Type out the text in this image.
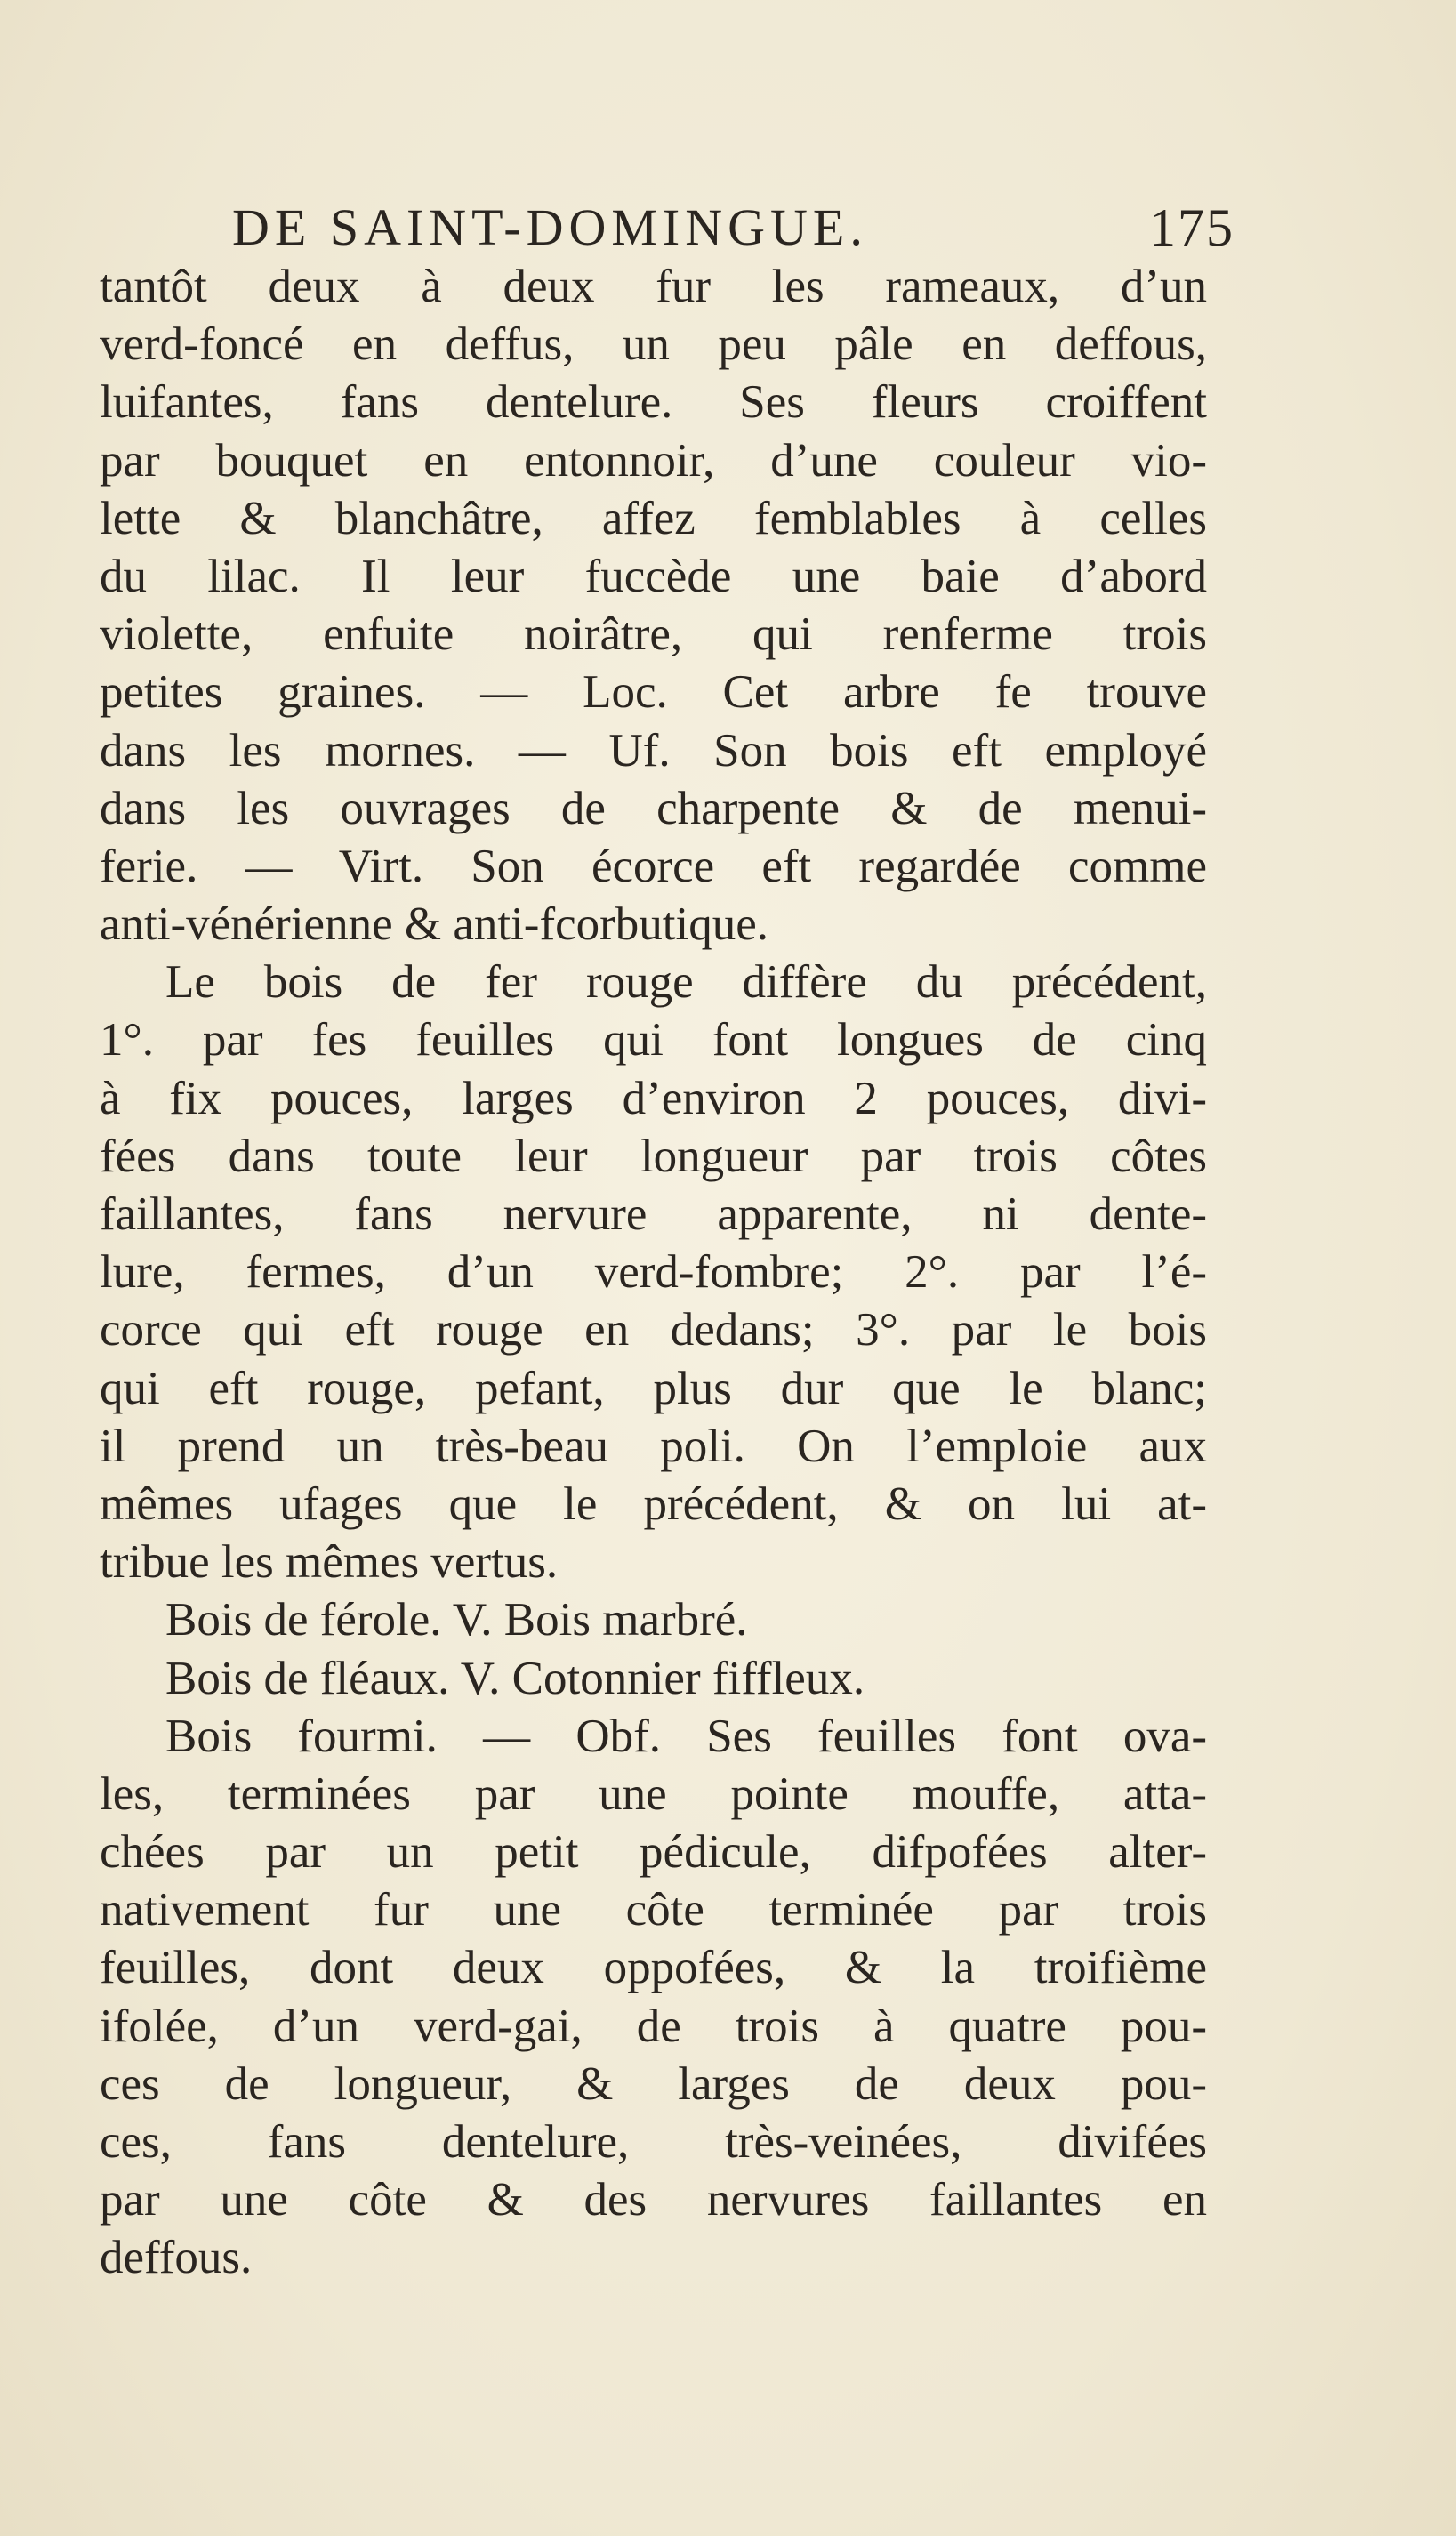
DE SAINT-DOMINGUE.	175
tantôt deux à deux fur les rameaux, d’un
verd-foncé en deffus, un peu pâle en deffous,
luifantes, fans dentelure. Ses fleurs croiffent
par bouquet en entonnoir, d’une couleur vio-
lette & blanchâtre, affez femblables à celles
du lilac. Il leur fuccède une baie d’abord
violette, enfuite noirâtre, qui renferme trois
petites graines. — Loc. Cet arbre fe trouve
dans les mornes. — Uf. Son bois eft employé
dans les ouvrages de charpente & de menui-
ferie. — Virt. Son écorce eft regardée comme
anti-vénérienne & anti-fcorbutique.
Le bois de fer rouge diffère du précédent,
1°. par fes feuilles qui font longues de cinq
à fix pouces, larges d’environ 2 pouces, divi-
fées dans toute leur longueur par trois côtes
faillantes, fans nervure apparente, ni dente-
lure, fermes, d’un verd-fombre; 2°. par l’é-
corce qui eft rouge en dedans; 3°. par le bois
qui eft rouge, pefant, plus dur que le blanc;
il prend un très-beau poli. On l’emploie aux
mêmes ufages que le précédent, & on lui at-
tribue les mêmes vertus.
Bois de férole. V. Bois marbré.
Bois de fléaux. V. Cotonnier fiffleux.
Bois fourmi. — Obf. Ses feuilles font ova-
les, terminées par une pointe mouffe, atta-
chées par un petit pédicule, difpofées alter-
nativement fur une côte terminée par trois
feuilles, dont deux oppofées, & la troifième
ifolée, d’un verd-gai, de trois à quatre pou-
ces de longueur, & larges de deux pou-
ces, fans dentelure, très-veinées, divifées
par une côte & des nervures faillantes en
deffous.
